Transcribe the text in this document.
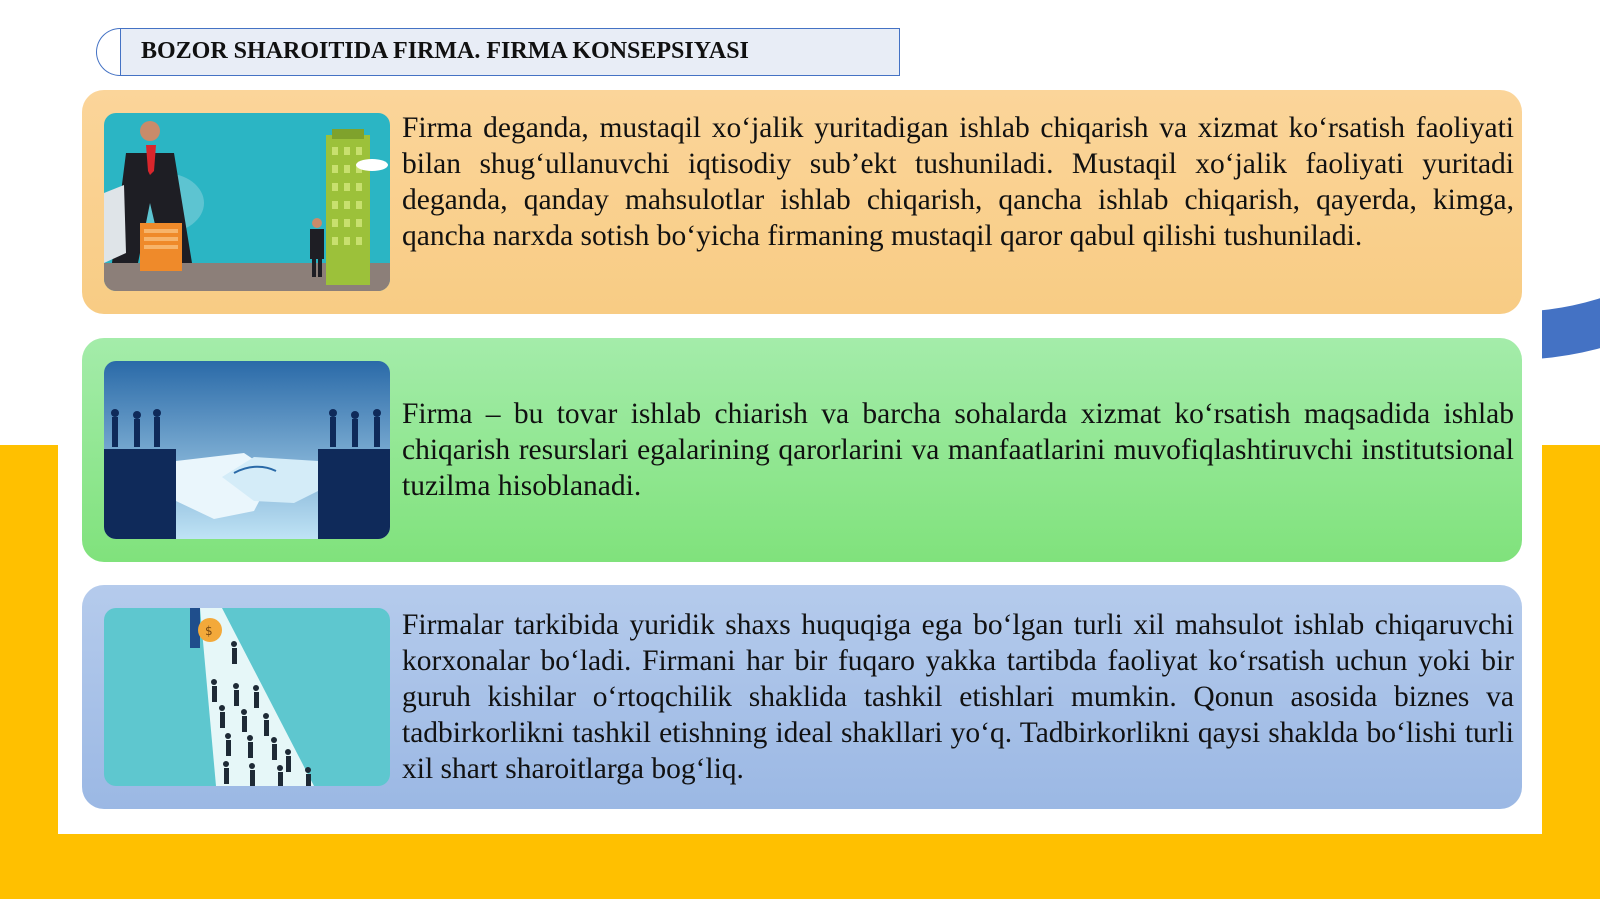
BOZOR SHAROITIDA FIRMA. FIRMA KONSEPSIYASI
Firma deganda, mustaqil xo‘jalik yuritadigan ishlab chiqarish va xizmat ko‘rsatish faoliyati bilan shug‘ullanuvchi iqtisodiy sub’ekt tushuniladi. Mustaqil xo‘jalik faoliyati yuritadi deganda, qanday mahsulotlar ishlab chiqarish, qancha ishlab chiqarish, qayerda, kimga, qancha narxda sotish bo‘yicha firmaning mustaqil qaror qabul qilishi tushuniladi.
Firma – bu tovar ishlab chiarish va barcha sohalarda xizmat ko‘rsatish maqsadida ishlab chiqarish resurslari egalarining qarorlarini va manfaatlarini muvofiqlashtiruvchi institutsional tuzilma hisoblanadi.
$	Firmalar tarkibida yuridik shaxs huquqiga ega bo‘lgan turli xil mahsulot ishlab chiqaruvchi korxonalar bo‘ladi. Firmani har bir fuqaro yakka tartibda faoliyat ko‘rsatish uchun yoki bir guruh kishilar o‘rtoqchilik shaklida tashkil etishlari mumkin. Qonun asosida biznes va tadbirkorlikni tashkil etishning ideal shakllari yo‘q. Tadbirkorlikni qaysi shaklda bo‘lishi turli xil shart sharoitlarga bog‘liq.
